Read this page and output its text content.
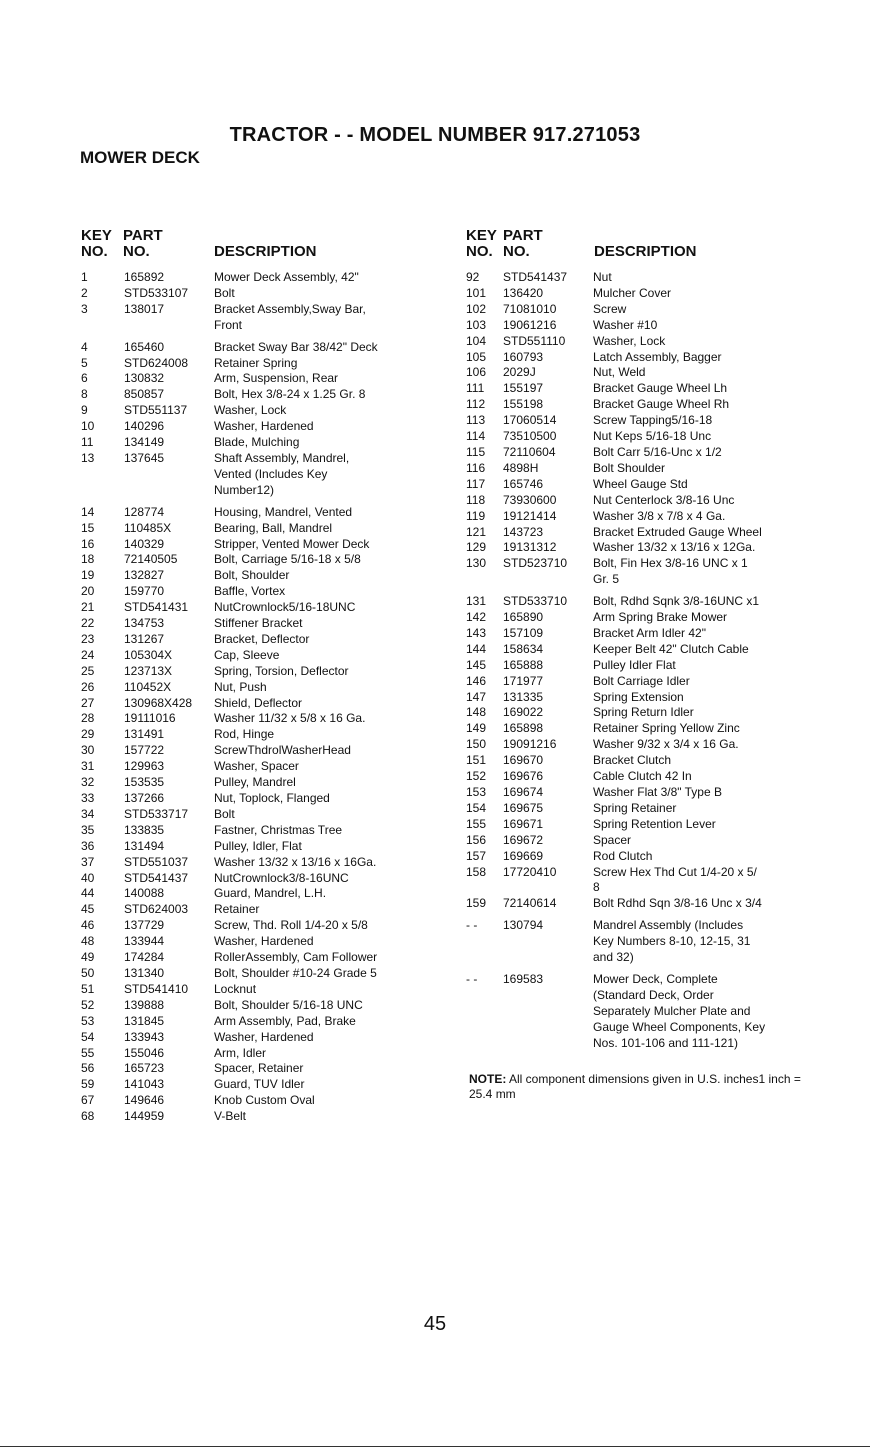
TRACTOR - - MODEL NUMBER 917.271053
MOWER DECK
KEY
NO.
PART
NO.	DESCRIPTION
1	165892	Mower Deck Assembly, 42"
2	STD533107 Bolt
3	138017	Bracket Assembly,Sway Bar,
Front
4	165460	Bracket Sway Bar 38/42" Deck
5	STD624008 Retainer Spring
6	130832	Arm, Suspension, Rear
8	850857	Bolt, Hex 3/8-24 x 1.25 Gr. 8
9	STD551137 Washer, Lock
10 140296	Washer, Hardened
11	134149	Blade, Mulching
13 137645	Shaft Assembly, Mandrel,
Vented (Includes Key
Number12)
14 128774	Housing, Mandrel, Vented
15 110485X	Bearing, Ball, Mandrel
16 140329	Stripper, Vented Mower Deck
18 72140505	Bolt, Carriage 5/16-18 x 5/8
19 132827	Bolt, Shoulder
20 159770	Baffle, Vortex
21 STD541431 NutCrownlock5/16-18UNC
22 134753	Stiffener Bracket
23 131267	Bracket, Deflector
24 105304X	Cap, Sleeve
25 123713X	Spring, Torsion, Deflector
26 110452X	Nut, Push
27 130968X428 Shield, Deflector
28 19111016	Washer 11/32 x 5/8 x 16 Ga.
29 131491	Rod, Hinge
30 157722	ScrewThdrolWasherHead
31 129963	Washer, Spacer
32 153535	Pulley, Mandrel
33 137266	Nut, Toplock, Flanged
34 STD533717 Bolt
35 133835	Fastner, Christmas Tree
36 131494	Pulley, Idler, Flat
37 STD551037 Washer 13/32 x 13/16 x 16Ga.
40 STD541437 NutCrownlock3/8-16UNC
44 140088	Guard, Mandrel, L.H.
45 STD624003 Retainer
46 137729	Screw, Thd. Roll 1/4-20 x 5/8
48 133944	Washer, Hardened
49 174284	RollerAssembly, Cam Follower
50 131340	Bolt, Shoulder #10-24 Grade 5
51 STD541410 Locknut
52 139888	Bolt, Shoulder 5/16-18 UNC
53 131845	Arm Assembly, Pad, Brake
54 133943	Washer, Hardened
55 155046	Arm, Idler
56 165723	Spacer, Retainer
59 141043	Guard, TUV Idler
67 149646	Knob Custom Oval
68 144959	V-Belt
KEY
NO.
PART
NO.	DESCRIPTION
92 STD541437 Nut
101 136420	Mulcher Cover
102 71081010	Screw
103 19061216	Washer #10
104 STD551110 Washer, Lock
105 160793	Latch Assembly, Bagger
106 2029J	Nut, Weld
111 155197	Bracket Gauge Wheel Lh
112 155198	Bracket Gauge Wheel Rh
113 17060514	Screw Tapping5/16-18
114 73510500	Nut Keps 5/16-18 Unc
115 72110604	Bolt Carr 5/16-Unc x 1/2
116 4898H	Bolt Shoulder
117 165746	Wheel Gauge Std
118 73930600	Nut Centerlock 3/8-16 Unc
119 19121414	Washer 3/8 x 7/8 x 4 Ga.
121 143723	Bracket Extruded Gauge Wheel
129 19131312	Washer 13/32 x 13/16 x 12Ga.
130 STD523710 Bolt, Fin Hex 3/8-16 UNC x 1
Gr. 5
131 STD533710 Bolt, Rdhd Sqnk 3/8-16UNC x1
142 165890	Arm Spring Brake Mower
143 157109	Bracket Arm Idler 42"
144 158634	Keeper Belt 42" Clutch Cable
145 165888	Pulley Idler Flat
146 171977	Bolt Carriage Idler
147 131335	Spring Extension
148 169022	Spring Return Idler
149 165898	Retainer Spring Yellow Zinc
150 19091216	Washer 9/32 x 3/4 x 16 Ga.
151 169670	Bracket Clutch
152 169676	Cable Clutch 42 In
153 169674	Washer Flat 3/8" Type B
154 169675	Spring Retainer
155 169671	Spring Retention Lever
156 169672	Spacer
157 169669	Rod Clutch
158 17720410	Screw Hex Thd Cut 1/4-20 x 5/
8
159 72140614	Bolt Rdhd Sqn 3/8-16 Unc x 3/4
- - 130794	Mandrel Assembly (Includes
Key Numbers 8-10, 12-15, 31
and 32)
- - 169583	Mower Deck, Complete
(Standard Deck, Order
Separately Mulcher Plate and
Gauge Wheel Components, Key
Nos. 101-106 and 111-121)
NOTE: All component dimensions given in U.S. inches1 inch = 25.4 mm
45
